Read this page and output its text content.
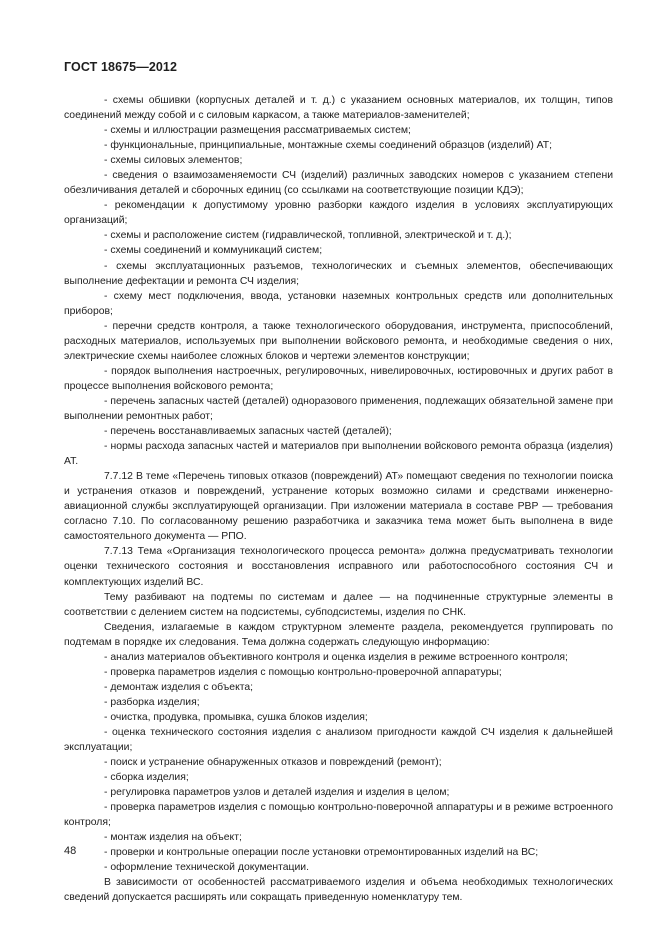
ГОСТ 18675—2012

- схемы обшивки (корпусных деталей и т. д.) с указанием основных материалов, их толщин, типов соединений между собой и с силовым каркасом, а также материалов-заменителей;

- схемы и иллюстрации размещения рассматриваемых систем;

- функциональные, принципиальные, монтажные схемы соединений образцов (изделий) АТ;

- схемы силовых элементов;

- сведения о взаимозаменяемости СЧ (изделий) различных заводских номеров с указанием степени обезличивания деталей и сборочных единиц (со ссылками на соответствующие позиции КДЭ);

- рекомендации к допустимому уровню разборки каждого изделия в условиях эксплуатирующих организаций;

- схемы и расположение систем (гидравлической, топливной, электрической и т. д.);

- схемы соединений и коммуникаций систем;

- схемы эксплуатационных разъемов, технологических и съемных элементов, обеспечивающих выполнение дефектации и ремонта СЧ изделия;

- схему мест подключения, ввода, установки наземных контрольных средств или дополнительных приборов;

- перечни средств контроля, а также технологического оборудования, инструмента, приспособлений, расходных материалов, используемых при выполнении войскового ремонта, и необходимые сведения о них, электрические схемы наиболее сложных блоков и чертежи элементов конструкции;

- порядок выполнения настроечных, регулировочных, нивелировочных, юстировочных и других работ в процессе выполнения войскового ремонта;

- перечень запасных частей (деталей) одноразового применения, подлежащих обязательной замене при выполнении ремонтных работ;

- перечень восстанавливаемых запасных частей (деталей);

- нормы расхода запасных частей и материалов при выполнении войскового ремонта образца (изделия) АТ.

7.7.12 В теме «Перечень типовых отказов (повреждений) АТ» помещают сведения по технологии поиска и устранения отказов и повреждений, устранение которых возможно силами и средствами инженерно-авиационной службы эксплуатирующей организации. При изложении материала в составе РВР — требования согласно 7.10. По согласованному решению разработчика и заказчика тема может быть выполнена в виде самостоятельного документа — РПО.

7.7.13 Тема «Организация технологического процесса ремонта» должна предусматривать технологии оценки технического состояния и восстановления исправного или работоспособного состояния СЧ и комплектующих изделий ВС.

Тему разбивают на подтемы по системам и далее — на подчиненные структурные элементы в соответствии с делением систем на подсистемы, субподсистемы, изделия по СНК.

Сведения, излагаемые в каждом структурном элементе раздела, рекомендуется группировать по подтемам в порядке их следования. Тема должна содержать следующую информацию:

- анализ материалов объективного контроля и оценка изделия в режиме встроенного контроля;

- проверка параметров изделия с помощью контрольно-проверочной аппаратуры;

- демонтаж изделия с объекта;

- разборка изделия;

- очистка, продувка, промывка, сушка блоков изделия;

- оценка технического состояния изделия с анализом пригодности каждой СЧ изделия к дальнейшей эксплуатации;

- поиск и устранение обнаруженных отказов и повреждений (ремонт);

- сборка изделия;

- регулировка параметров узлов и деталей изделия и изделия в целом;

- проверка параметров изделия с помощью контрольно-поверочной аппаратуры и в режиме встроенного контроля;

- монтаж изделия на объект;

- проверки и контрольные операции после установки отремонтированных изделий на ВС;

- оформление технической документации.

В зависимости от особенностей рассматриваемого изделия и объема необходимых технологических сведений допускается расширять или сокращать приведенную номенклатуру тем.

48
